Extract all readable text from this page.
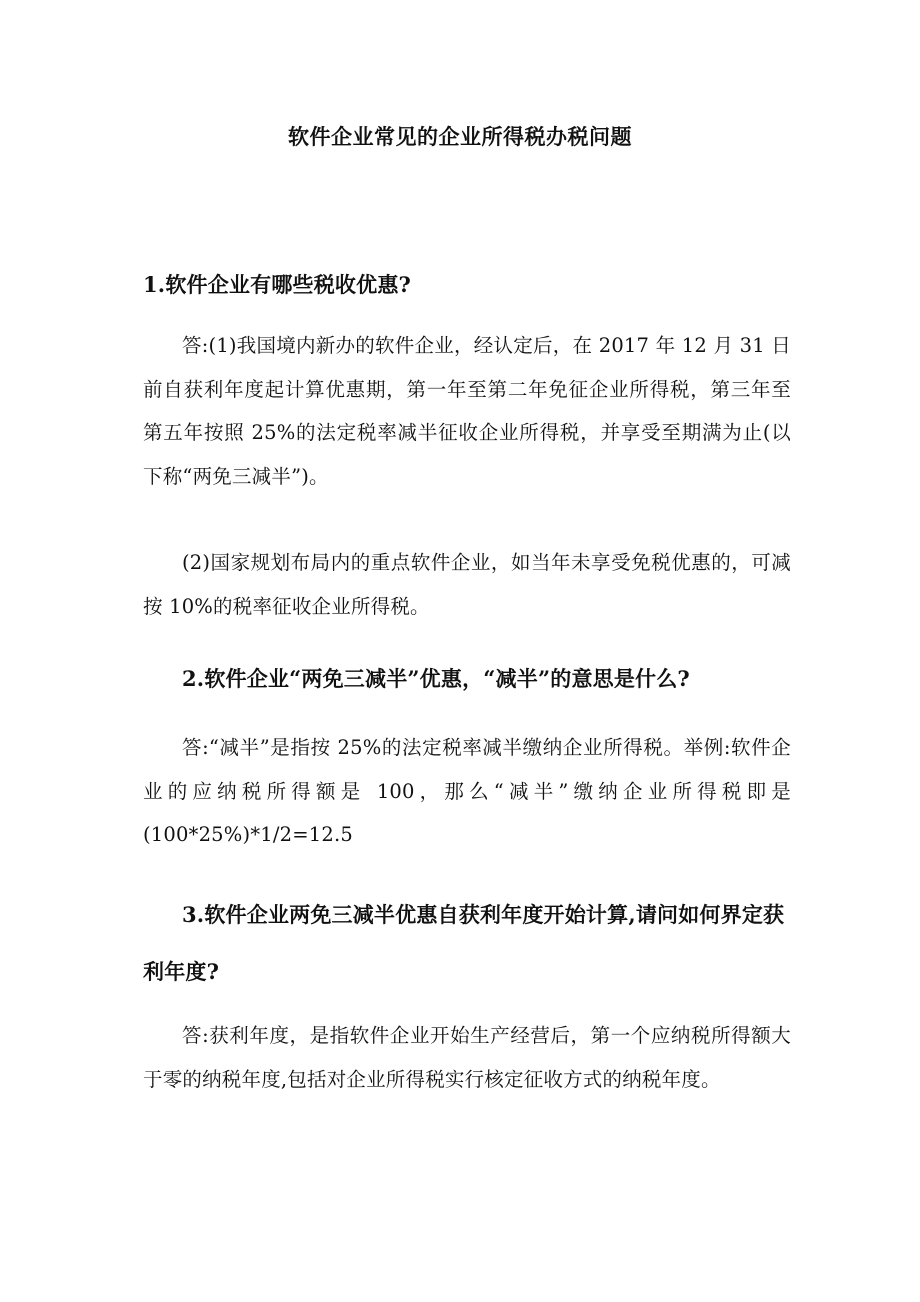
软件企业常见的企业所得税办税问题
1.软件企业有哪些税收优惠?
答:(1)我国境内新办的软件企业，经认定后，在 2017 年 12 月 31 日前自获利年度起计算优惠期，第一年至第二年免征企业所得税，第三年至第五年按照 25%的法定税率减半征收企业所得税，并享受至期满为止(以下称“两免三减半”)。
(2)国家规划布局内的重点软件企业，如当年未享受免税优惠的，可减按 10%的税率征收企业所得税。
2.软件企业“两免三减半”优惠，“减半”的意思是什么?
答:“减半”是指按 25%的法定税率减半缴纳企业所得税。举例:软件企业的应纳税所得额是 100，那么“减半”缴纳企业所得税即是(100*25%)*1/2=12.5
3.软件企业两免三减半优惠自获利年度开始计算,请问如何界定获利年度?
答:获利年度，是指软件企业开始生产经营后，第一个应纳税所得额大于零的纳税年度,包括对企业所得税实行核定征收方式的纳税年度。
